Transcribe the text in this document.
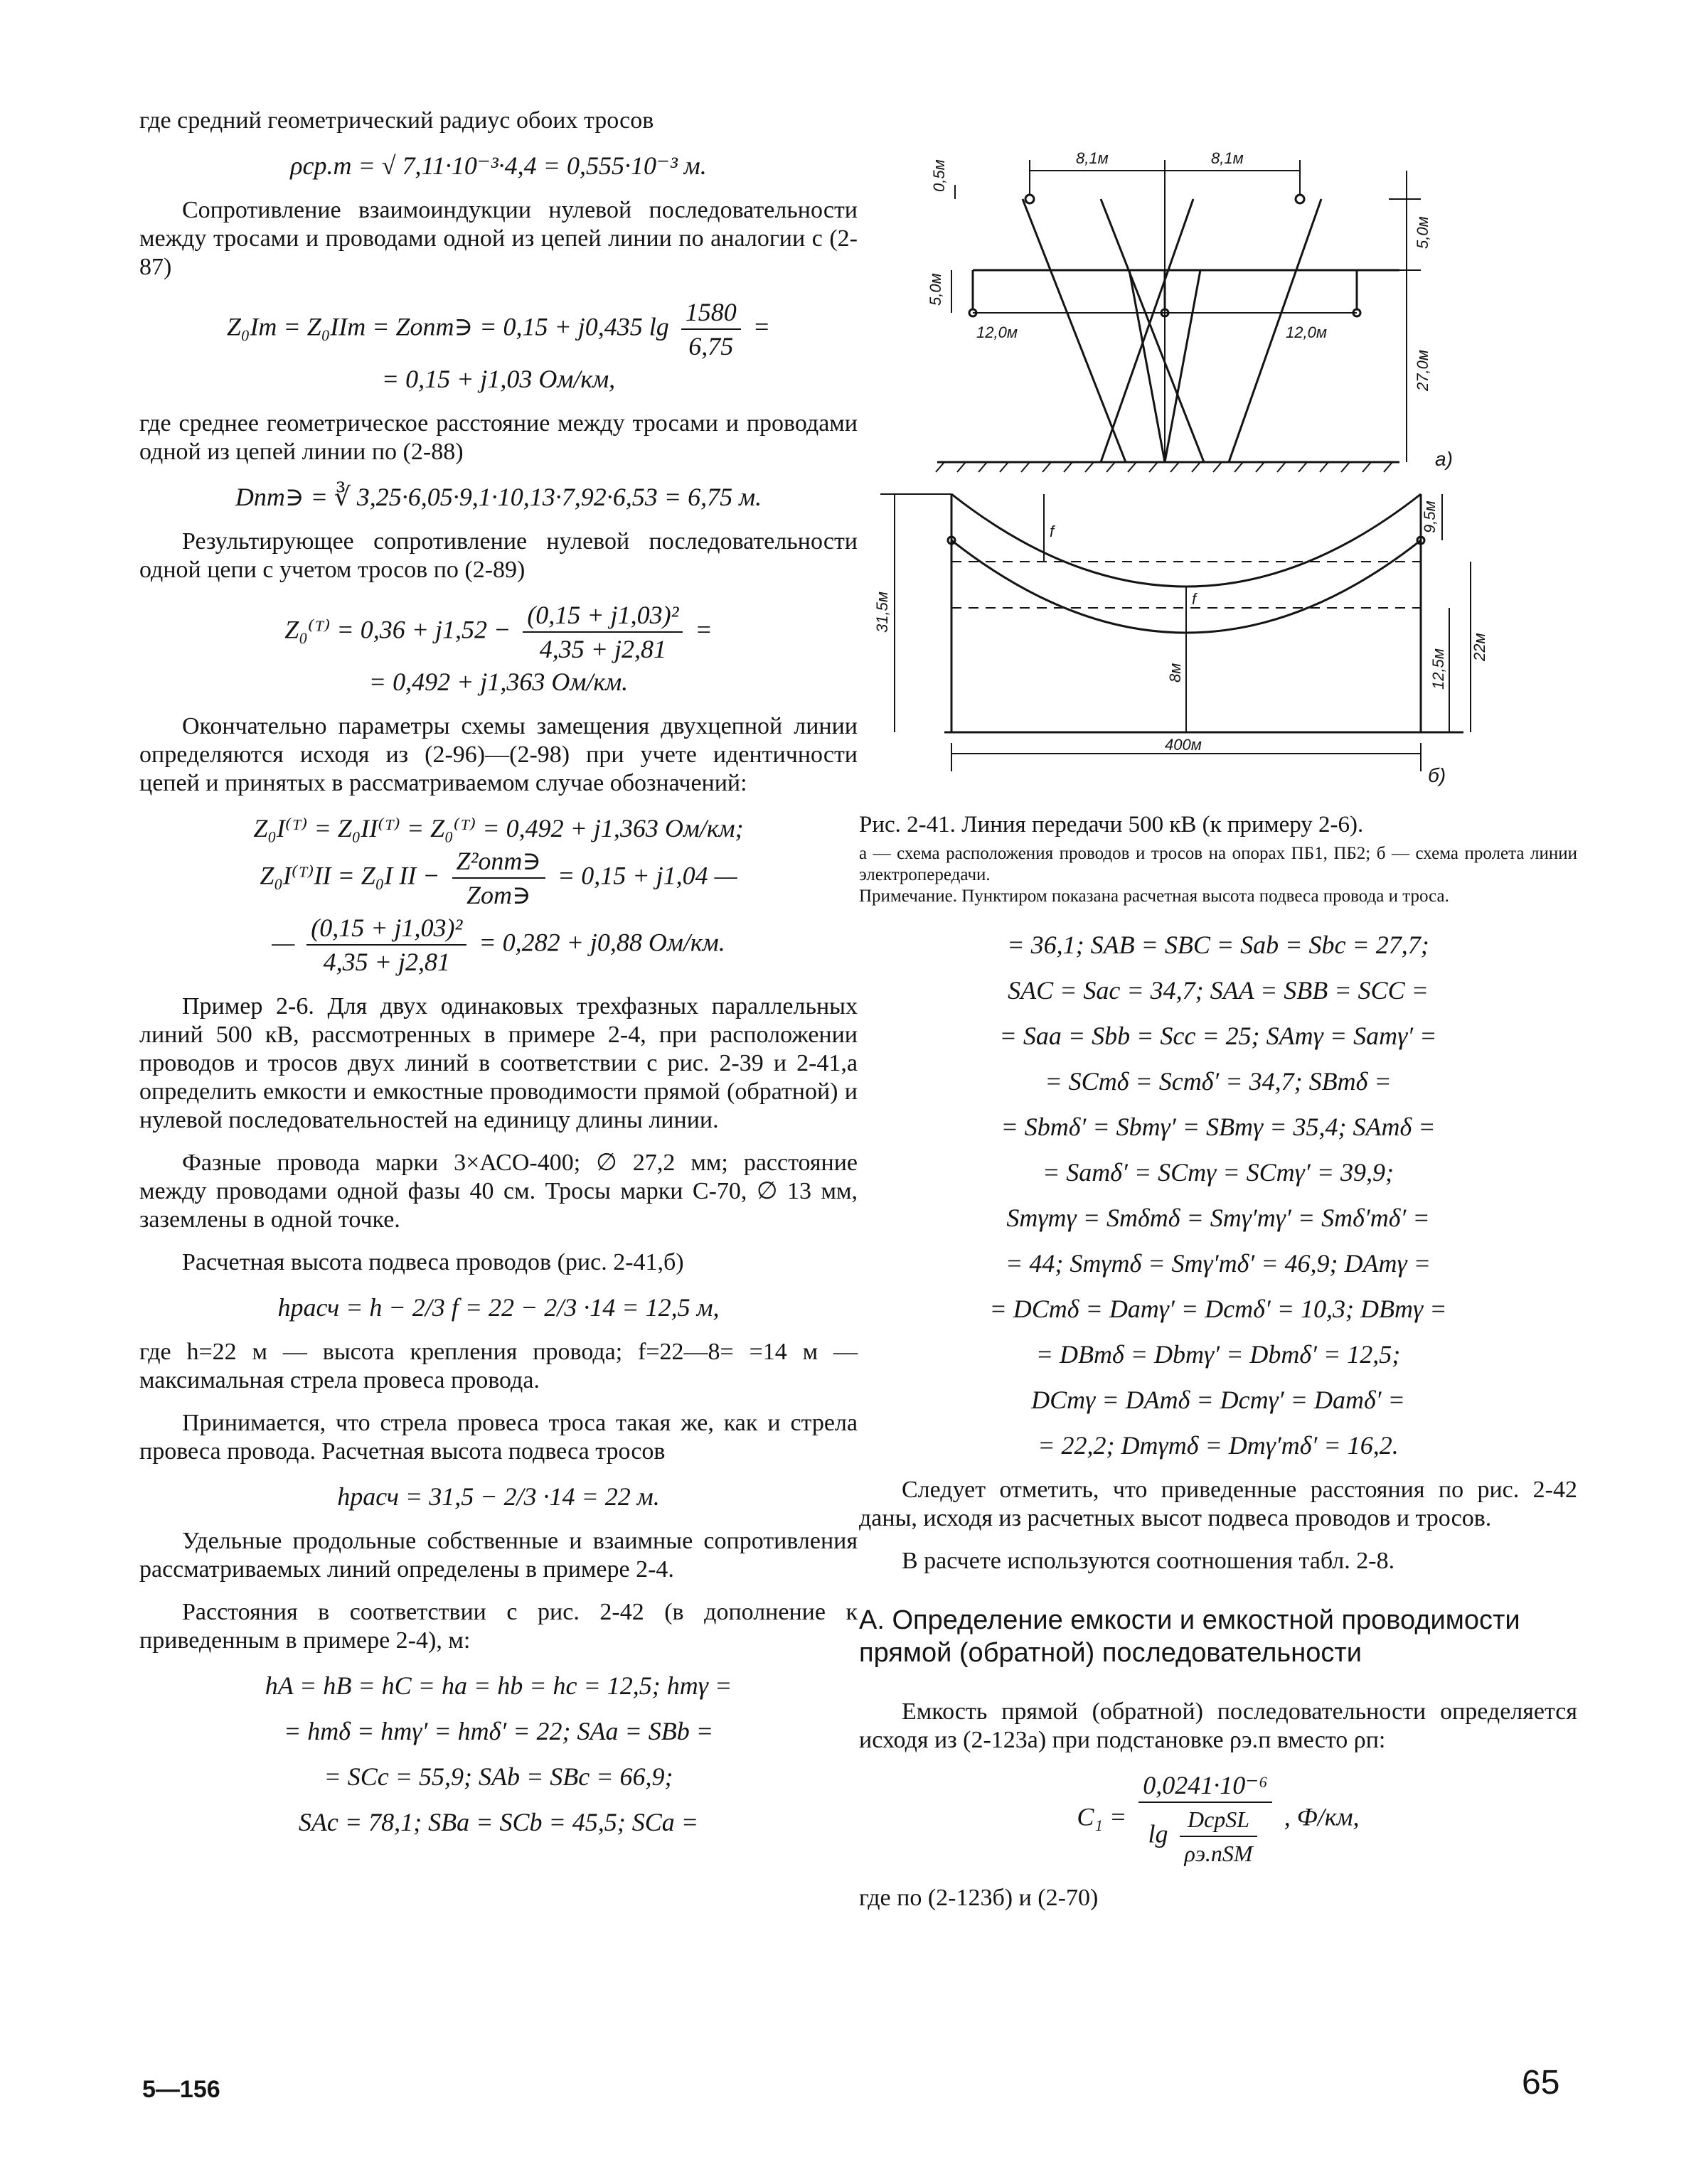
где средний геометрический радиус обоих тросов

ρср.т = √ 7,11·10⁻³·4,4 = 0,555·10⁻³ м.

Сопротивление взаимоиндукции нулевой последовательности между тросами и проводами одной из цепей линии по аналогии с (2-87)

Z₀Iт = Z₀IIт = Zопт∋ = 0,15 + j0,435 $\lg \frac{1580}{6,75}$ =
= 0,15 + j1,03 Ом/км,

где среднее геометрическое расстояние между тросами и проводами одной из цепей линии по (2-88)

Dпт∋ = ∛ 3,25·6,05·9,1·10,13·7,92·6,53 = 6,75 м.

Результирующее сопротивление нулевой последовательности одной цепи с учетом тросов по (2-89)

Z₀⁽ᵀ⁾ = $0,36 + j1,52 - \frac{\text{(0,15 + j1,03)²}}{4,35 + j2,81}$ =
= 0,492 + j1,363 Ом/км.

Окончательно параметры схемы замещения двухцепной линии определяются исходя из (2-96)—(2-98) при учете идентичности цепей и принятых в рассматриваемом случае обозначений:

Z₀I⁽ᵀ⁾ = Z₀II⁽ᵀ⁾ = Z₀⁽ᵀ⁾ = 0,492 + j1,363 Ом/км;
Z₀I⁽ᵀ⁾II = Z₀I II − $\frac{\text{Z²опт∋}}{\text{Zот∋}} = 0,15 + j1,04$ —
— $\frac{\text{(0,15 + j1,03)²}}{4,35 + j2,81} = 0,282 + j0,88$ Ом/км.

Пример 2-6. Для двух одинаковых трехфазных параллельных линий 500 кВ, рассмотренных в примере 2-4, при расположении проводов и тросов двух линий в соответствии с рис. 2-39 и 2-41,а определить емкости и емкостные проводимости прямой (обратной) и нулевой последовательностей на единицу длины линии.

Фазные провода марки 3×АСО-400; ∅ 27,2 мм; расстояние между проводами одной фазы 40 см. Тросы марки С-70, ∅ 13 мм, заземлены в одной точке.

Расчетная высота подвеса проводов (рис. 2-41,б)

hрасч = h − 2/3 f = 22 − 2/3 ·14 = 12,5 м,

где h=22 м — высота крепления провода; f=22—8= =14 м — максимальная стрела провеса провода.

Принимается, что стрела провеса троса такая же, как и стрела провеса провода. Расчетная высота подвеса тросов

hрасч = 31,5 − 2/3 ·14 = 22 м.

Удельные продольные собственные и взаимные сопротивления рассматриваемых линий определены в примере 2-4.

Расстояния в соответствии с рис. 2-42 (в дополнение к приведенным в примере 2-4), м:

hA = hB = hC = ha = hb = hc = 12,5; hтγ =
= hтδ = hтγ′ = hтδ′ = 22; SAa = SBb =
= SCc = 55,9; SAb = SBc = 66,9;
SAc = 78,1; SBa = SCb = 45,5; SCa =
0,5м
8,1м	8,1м
5,0м
5,0м
12,0м	12,0м
27,0м
а)
31,5м
9,5м
f
f
22м
12,5м
8м
400м
б)

Рис. 2-41. Линия передачи 500 кВ (к примеру 2-6).

а — схема расположения проводов и тросов на опорах ПБ1, ПБ2; б — схема пролета линии электропередачи.

Примечание. Пунктиром показана расчетная высота подвеса провода и троса.

= 36,1; SAB = SBC = Sab = Sbc = 27,7;
SAC = Sac = 34,7; SAA = SBB = SCC =
= Saa = Sbb = Scc = 25; SAтγ = Saтγ′ =
= SCтδ = Scтδ′ = 34,7; SBтδ =
= Sbтδ′ = Sbтγ′ = SBтγ = 35,4; SAтδ =
= Saтδ′ = SCтγ = SCтγ′ = 39,9;
Sтγтγ = Sтδтδ = Sтγ′тγ′ = Sтδ′тδ′ =
= 44; Sтγтδ = Sтγ′тδ′ = 46,9; DAтγ =
= DCтδ = Daтγ′ = Dcтδ′ = 10,3; DBтγ =
= DBтδ = Dbтγ′ = Dbтδ′ = 12,5;
DCтγ = DAтδ = Dcтγ′ = Daтδ′ =
= 22,2; Dтγтδ = Dтγ′тδ′ = 16,2.

Следует отметить, что приведенные расстояния по рис. 2-42 даны, исходя из расчетных высот подвеса проводов и тросов.

В расчете используются соотношения табл. 2-8.

А. Определение емкости и емкостной проводимости прямой (обратной) последовательности

Емкость прямой (обратной) последовательности определяется исходя из (2-123а) при подстановке ρэ.п вместо ρп:

$C_1 = \frac{\text{0,0241·10⁻⁶}}{\lg \frac{\text{DсрSL}}{\text{ρэ.пSM}}}$ , Ф/км,

где по (2-123б) и (2-70)

5—156	65
